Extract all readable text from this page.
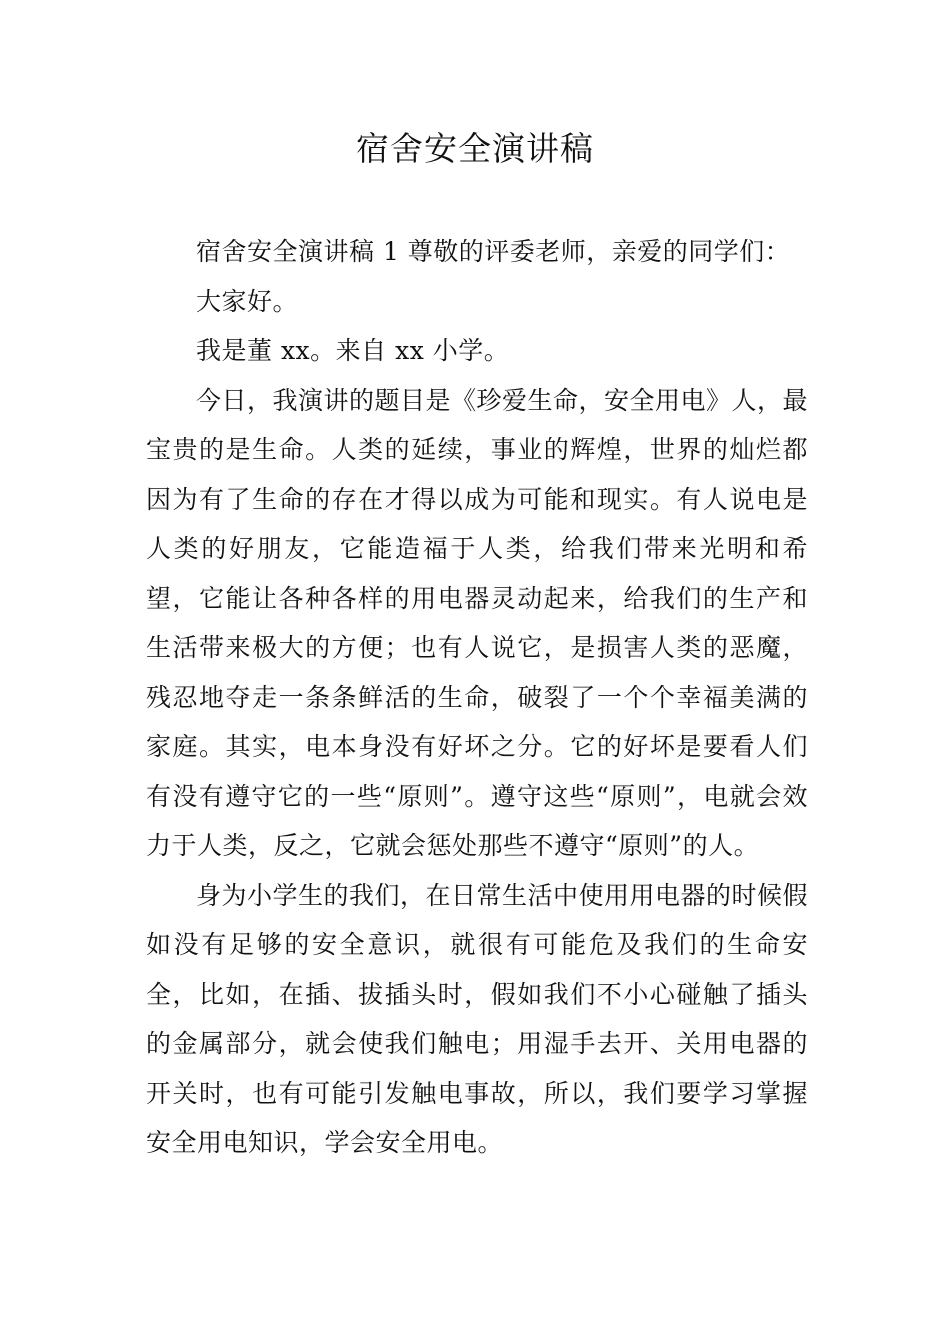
宿舍安全演讲稿

宿舍安全演讲稿 1 尊敬的评委老师，亲爱的同学们：

大家好。

我是董 xx。来自 xx 小学。

今日，我演讲的题目是《珍爱生命，安全用电》人，最宝贵的是生命。人类的延续，事业的辉煌，世界的灿烂都因为有了生命的存在才得以成为可能和现实。有人说电是人类的好朋友，它能造福于人类，给我们带来光明和希望，它能让各种各样的用电器灵动起来，给我们的生产和生活带来极大的方便；也有人说它，是损害人类的恶魔，残忍地夺走一条条鲜活的生命，破裂了一个个幸福美满的家庭。其实，电本身没有好坏之分。它的好坏是要看人们有没有遵守它的一些“原则”。遵守这些“原则”，电就会效力于人类，反之，它就会惩处那些不遵守“原则”的人。

身为小学生的我们，在日常生活中使用用电器的时候假如没有足够的安全意识，就很有可能危及我们的生命安全，比如，在插、拔插头时，假如我们不小心碰触了插头的金属部分，就会使我们触电；用湿手去开、关用电器的开关时，也有可能引发触电事故，所以，我们要学习掌握安全用电知识，学会安全用电。
